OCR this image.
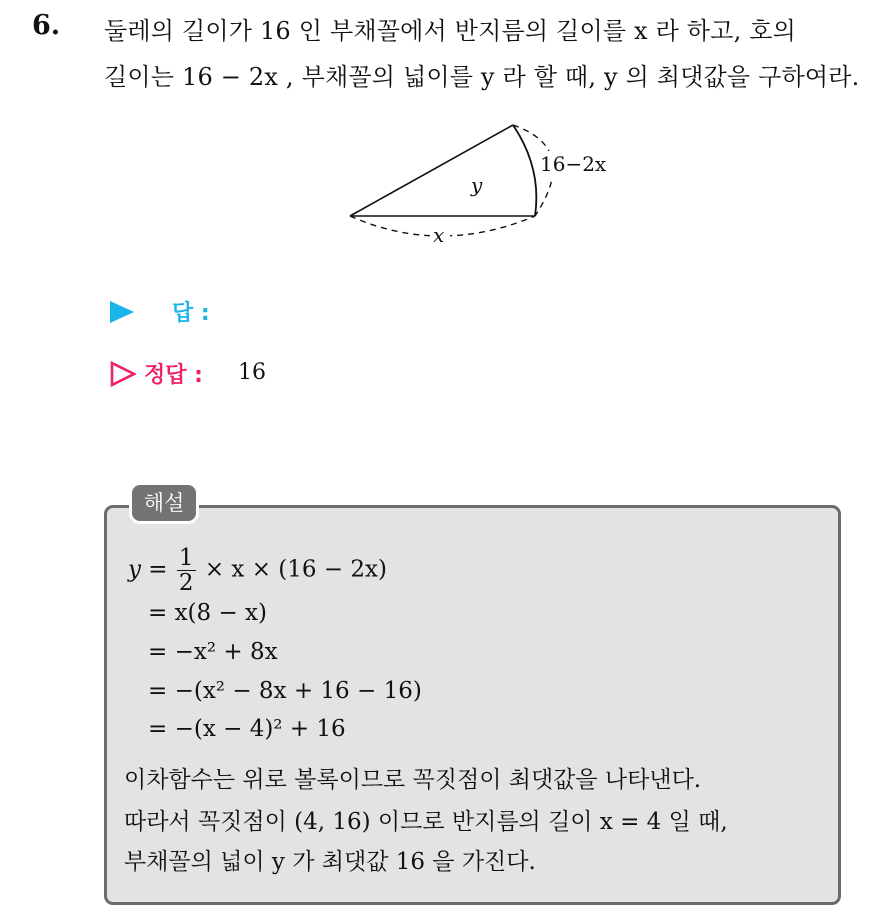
6. 둘레의 길이가 16 인 부채꼴에서 반지름의 길이를 x 라 하고, 호의
길이는 16 − 2x , 부채꼴의 넓이를 y 라 할 때, y 의 최댓값을 구하여라.
16−2x
y
x
답 :
정답 : 16
해설
$y = \frac{1}{2} \times x \times (16 - 2x)$
= x(8 − x)
= −x² + 8x
= −(x² − 8x + 16 − 16)
= −(x − 4)² + 16
이차함수는 위로 볼록이므로 꼭짓점이 최댓값을 나타낸다.
따라서 꼭짓점이 (4, 16) 이므로 반지름의 길이 x = 4 일 때,
부채꼴의 넓이 y 가 최댓값 16 을 가진다.
